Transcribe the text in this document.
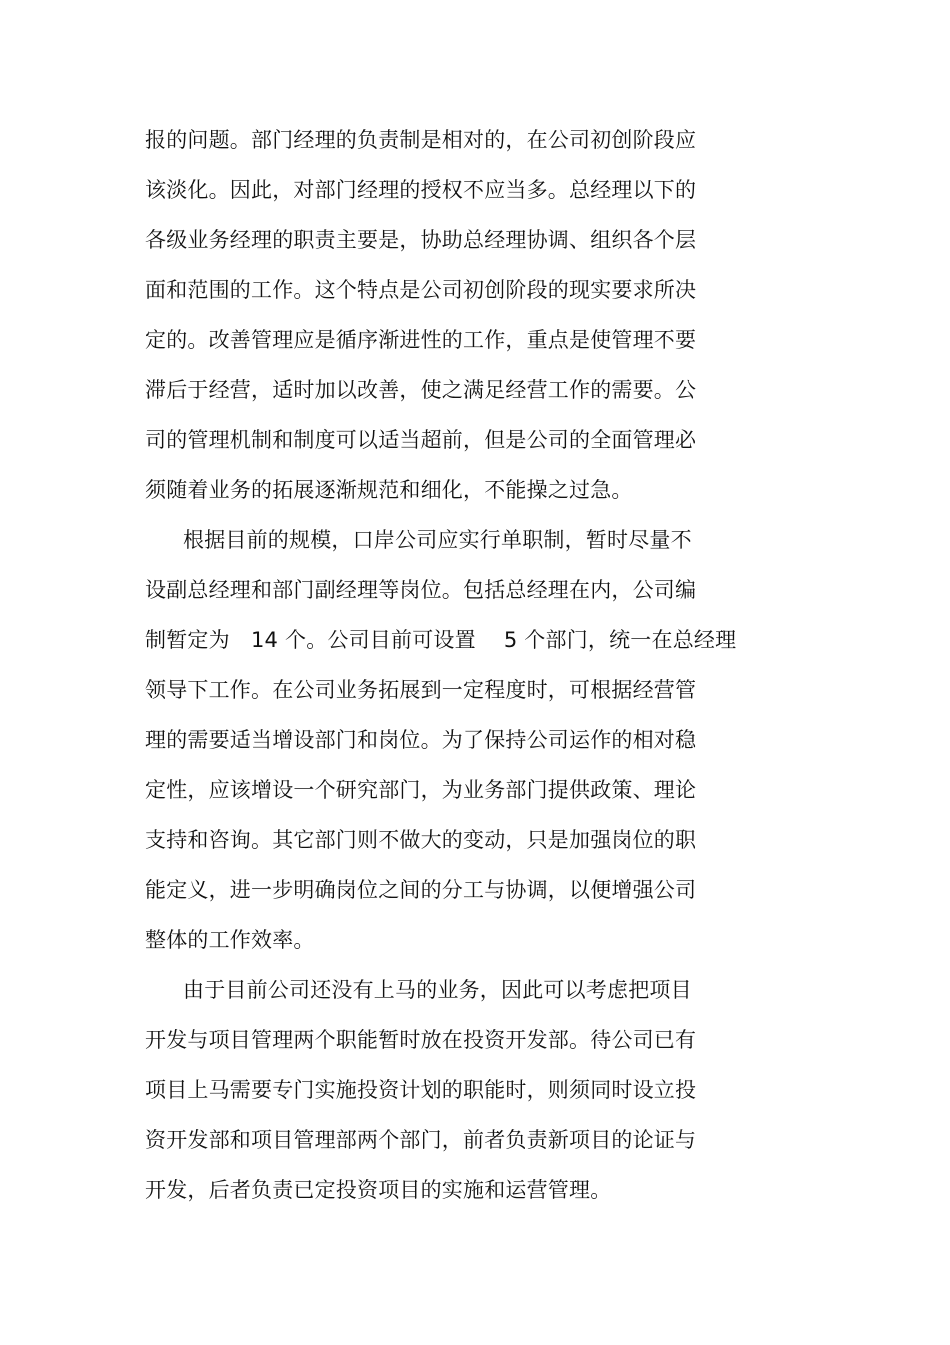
报的问题。部门经理的负责制是相对的，在公司初创阶段应
该淡化。因此，对部门经理的授权不应当多。总经理以下的
各级业务经理的职责主要是，协助总经理协调、组织各个层
面和范围的工作。这个特点是公司初创阶段的现实要求所决
定的。改善管理应是循序渐进性的工作，重点是使管理不要
滞后于经营，适时加以改善，使之满足经营工作的需要。公
司的管理机制和制度可以适当超前，但是公司的全面管理必
须随着业务的拓展逐渐规范和细化，不能操之过急。
根据目前的规模，口岸公司应实行单职制，暂时尽量不
设副总经理和部门副经理等岗位。包括总经理在内，公司编
制暂定为　14 个。公司目前可设置　 5 个部门，统一在总经理
领导下工作。在公司业务拓展到一定程度时，可根据经营管
理的需要适当增设部门和岗位。为了保持公司运作的相对稳
定性，应该增设一个研究部门，为业务部门提供政策、理论
支持和咨询。其它部门则不做大的变动，只是加强岗位的职
能定义，进一步明确岗位之间的分工与协调，以便增强公司
整体的工作效率。
由于目前公司还没有上马的业务，因此可以考虑把项目
开发与项目管理两个职能暂时放在投资开发部。待公司已有
项目上马需要专门实施投资计划的职能时，则须同时设立投
资开发部和项目管理部两个部门，前者负责新项目的论证与
开发，后者负责已定投资项目的实施和运营管理。
